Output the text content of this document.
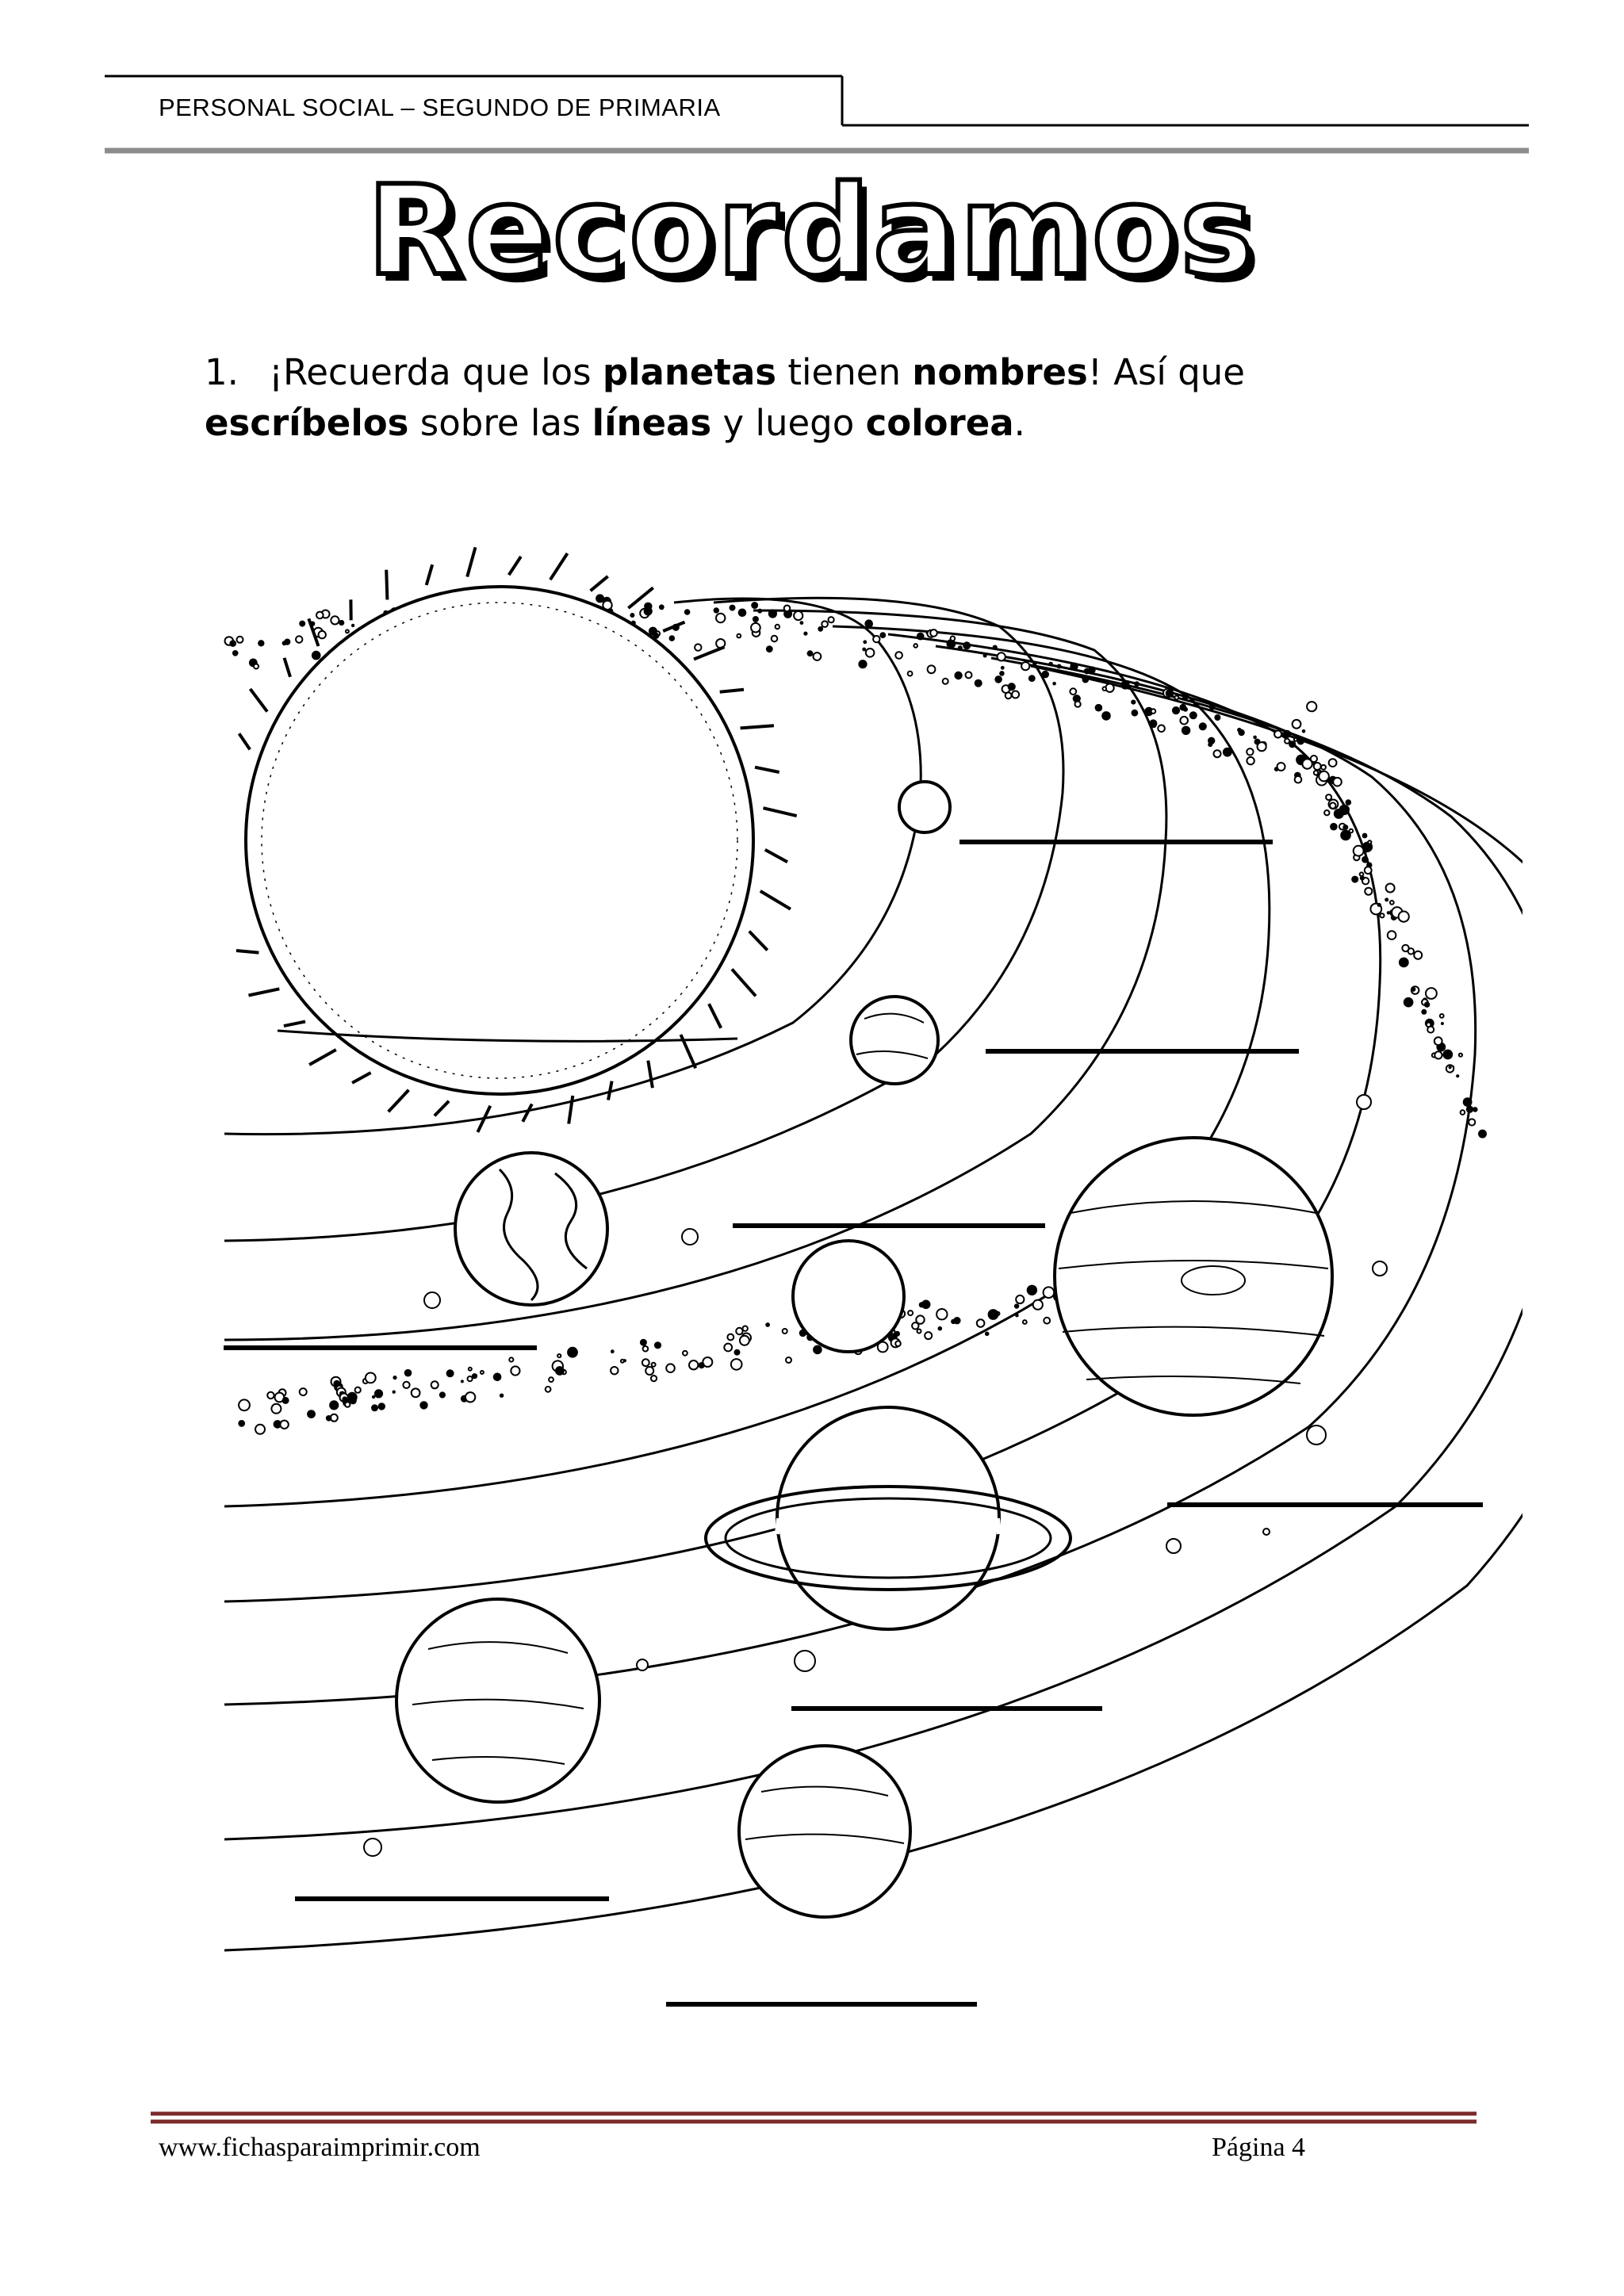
PERSONAL SOCIAL – SEGUNDO DE PRIMARIA
Recordamos
1. ¡Recuerda que los planetas tienen nombres! Así que escríbelos sobre las líneas y luego colorea.
www.fichasparaimprimir.com	Página 4
